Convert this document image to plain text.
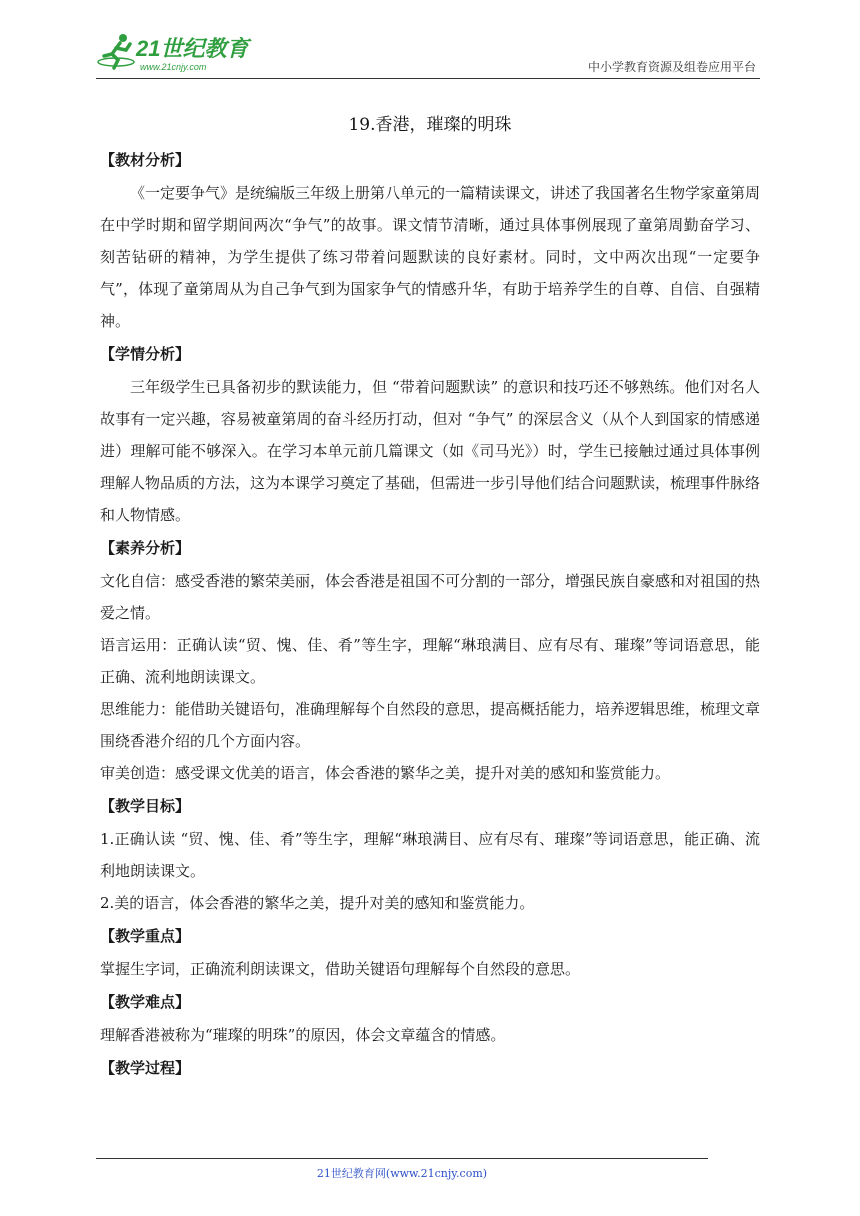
21世纪教育
www.21cnjy.com	中小学教育资源及组卷应用平台
19.香港，璀璨的明珠
【教材分析】

《一定要争气》是统编版三年级上册第八单元的一篇精读课文，讲述了我国著名生物学家童第周在中学时期和留学期间两次“争气”的故事。课文情节清晰，通过具体事例展现了童第周勤奋学习、刻苦钻研的精神，为学生提供了练习带着问题默读的良好素材。同时，文中两次出现“一定要争气”，体现了童第周从为自己争气到为国家争气的情感升华，有助于培养学生的自尊、自信、自强精神。

【学情分析】

三年级学生已具备初步的默读能力，但 “带着问题默读” 的意识和技巧还不够熟练。他们对名人故事有一定兴趣，容易被童第周的奋斗经历打动，但对 “争气” 的深层含义（从个人到国家的情感递进）理解可能不够深入。在学习本单元前几篇课文（如《司马光》）时，学生已接触过通过具体事例理解人物品质的方法，这为本课学习奠定了基础，但需进一步引导他们结合问题默读，梳理事件脉络和人物情感。

【素养分析】

文化自信：感受香港的繁荣美丽，体会香港是祖国不可分割的一部分，增强民族自豪感和对祖国的热爱之情。

语言运用：正确认读“贸、愧、佳、肴”等生字，理解“琳琅满目、应有尽有、璀璨”等词语意思，能正确、流利地朗读课文。

思维能力：能借助关键语句，准确理解每个自然段的意思，提高概括能力，培养逻辑思维，梳理文章围绕香港介绍的几个方面内容。

审美创造：感受课文优美的语言，体会香港的繁华之美，提升对美的感知和鉴赏能力。

【教学目标】

1.正确认读 “贸、愧、佳、肴”等生字，理解“琳琅满目、应有尽有、璀璨”等词语意思，能正确、流利地朗读课文。

2.美的语言，体会香港的繁华之美，提升对美的感知和鉴赏能力。

【教学重点】

掌握生字词，正确流利朗读课文，借助关键语句理解每个自然段的意思。

【教学难点】

理解香港被称为“璀璨的明珠”的原因，体会文章蕴含的情感。

【教学过程】
21世纪教育网(www.21cnjy.com)
